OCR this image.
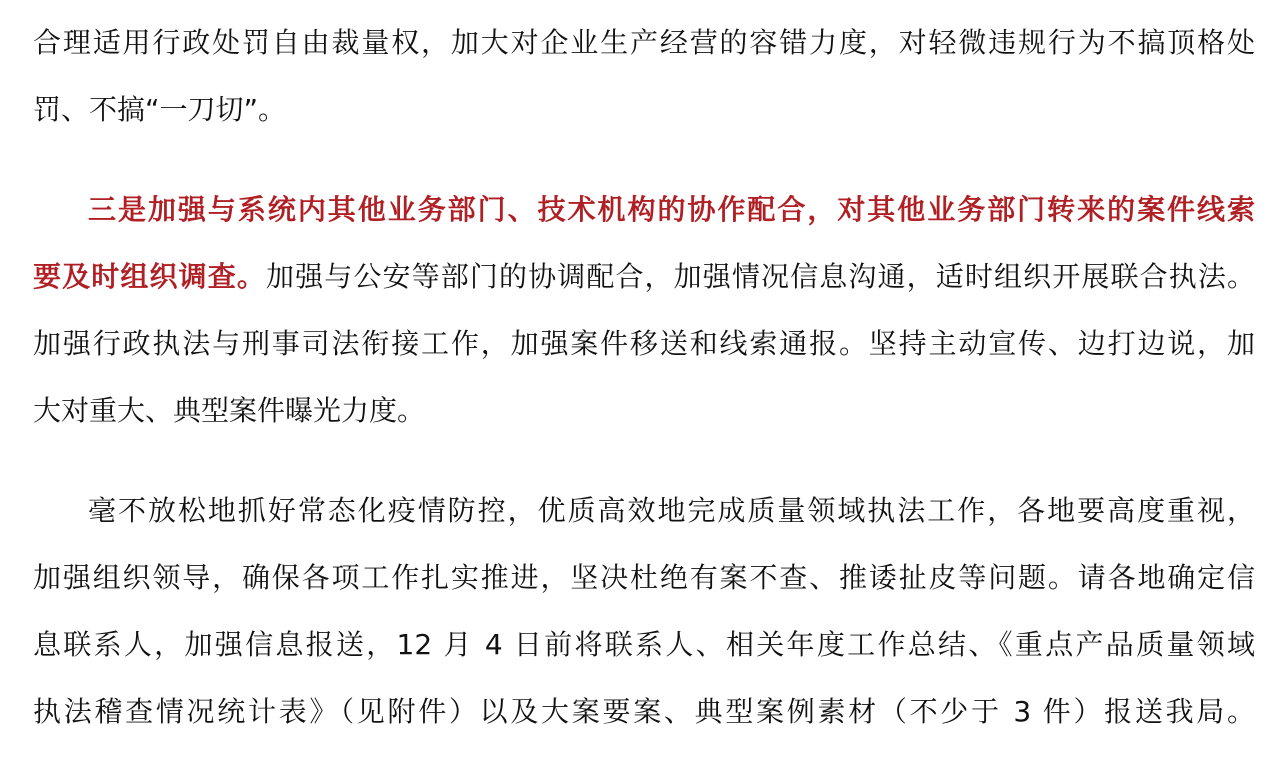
合理适用行政处罚自由裁量权，加大对企业生产经营的容错力度，对轻微违规行为不搞顶格处
罚、不搞“一刀切”。
三是加强与系统内其他业务部门、技术机构的协作配合，对其他业务部门转来的案件线索
要及时组织调查。加强与公安等部门的协调配合，加强情况信息沟通，适时组织开展联合执法。
加强行政执法与刑事司法衔接工作，加强案件移送和线索通报。坚持主动宣传、边打边说，加
大对重大、典型案件曝光力度。
毫不放松地抓好常态化疫情防控，优质高效地完成质量领域执法工作，各地要高度重视，
加强组织领导，确保各项工作扎实推进，坚决杜绝有案不查、推诿扯皮等问题。请各地确定信
息联系人，加强信息报送，12 月 4 日前将联系人、相关年度工作总结、《重点产品质量领域
执法稽查情况统计表》（见附件）以及大案要案、典型案例素材（不少于 3 件）报送我局。
